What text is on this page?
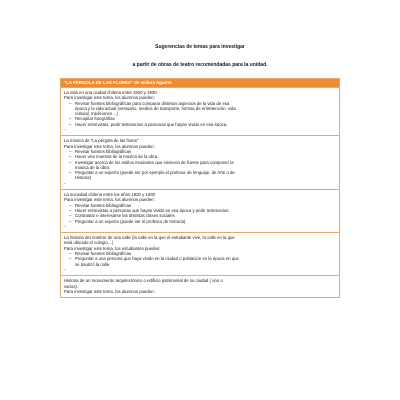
Sugerencias de temas para investigar
a partir de obras de teatro recomendadas para la unidad.
"LA PÉRGOLA DE LAS FLORES" de Isidora Aguirre
La vida en una ciudad chilena entre 1920 y 1930.
Para investigar este tema, los alumnos pueden:
– Revisar fuentes bibliográficas para comparar distintos aspectos de la vida de esa
época y la vida actual (vestuario, medios de transporte, formas de entretención, vida
cultural, tradiciones…)
– Recopilar fotografías
– Hacer entrevistas, pedir testimonios a personas que hayan vivido en esa época.
-
La música de "La pérgola de las flores"
Para investigar este tema, los alumnos pueden:
– Revisar fuentes bibliográficas
– Hacer una muestra de la música de la obra.
– Investigar acerca de los estilos musicales que sirvieron de fuente para componer la
música de la obra.
– Preguntar a un experto (puede ser por ejemplo el profesor de lenguaje, de Arte o de
Historia)
-
La sociedad chilena entre los años 1920 y 1930
Para investigar este tema, los alumnos pueden:
– Revisar fuentes bibliográficas
– Hacer entrevistas a personas que hayan vivido en esa época y pedir testimonios.
– Contrastar e interesarse las distintas clases sociales
– Preguntar a un experto (puede ser el profesor de Historia)
-
La historia del nombre de una calle (la calle en la que el estudiante vive, la calle en la que
está ubicado el colegio…)
Para investigar este tema, los estudiantes pueden:
– Revisar fuentes bibliográficas
– Preguntar a una persona que haya vivido en la ciudad o población en la época en que
se bautizó la calle.
-
Historia de un monumento arquitectónico o edificio patrimonial de su ciudad ( uno o
varios).
Para investigar este tema, los alumnos pueden:
